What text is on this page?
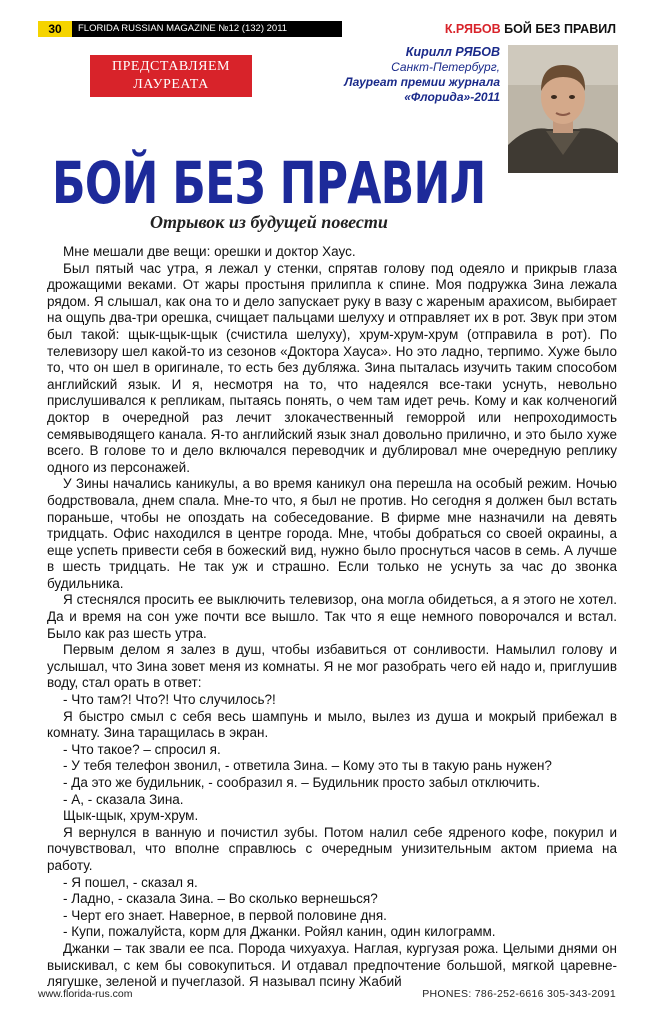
30	FLORIDA RUSSIAN MAGAZINE №12 (132) 2011	К.РЯБОВ БОЙ БЕЗ ПРАВИЛ
ПРЕДСТАВЛЯЕМ
ЛАУРЕАТА
Кирилл РЯБОВ
Санкт-Петербург,
Лауреат премии журнала
«Флорида»-2011
БОЙ БЕЗ ПРАВИЛ
Отрывок из будущей повести

Мне мешали две вещи: орешки и доктор Хаус.

Был пятый час утра, я лежал у стенки, спрятав голову под одеяло и прикрыв глаза дрожащими веками. От жары простыня прилипла к спине. Моя подружка Зина лежала рядом. Я слышал, как она то и дело запускает руку в вазу с жареным арахисом, выбирает на ощупь два-три орешка, счищает пальцами шелуху и отправляет их в рот. Звук при этом был такой: щык-щык-щык (счистила шелуху), хрум-хрум-хрум (отправила в рот). По телевизору шел какой-то из сезонов «Доктора Хауса». Но это ладно, терпимо. Хуже было то, что он шел в оригинале, то есть без дубляжа. Зина пыталась изучить таким способом английский язык. И я, несмотря на то, что надеялся все-таки уснуть, невольно прислушивался к репликам, пытаясь понять, о чем там идет речь. Кому и как колченогий доктор в очередной раз лечит злокачественный геморрой или непроходимость семявыводящего канала. Я-то английский язык знал довольно прилично, и это было хуже всего. В голове то и дело включался переводчик и дублировал мне очередную реплику одного из персонажей.

У Зины начались каникулы, а во время каникул она перешла на особый режим. Ночью бодрствовала, днем спала. Мне-то что, я был не против. Но сегодня я должен был встать пораньше, чтобы не опоздать на собеседование. В фирме мне назначили на девять тридцать. Офис находился в центре города. Мне, чтобы добраться со своей окраины, а еще успеть привести себя в божеский вид, нужно было проснуться часов в семь. А лучше в шесть тридцать. Не так уж и страшно. Если только не уснуть за час до звонка будильника.

Я стеснялся просить ее выключить телевизор, она могла обидеться, а я этого не хотел. Да и время на сон уже почти все вышло. Так что я еще немного поворочался и встал. Было как раз шесть утра.

Первым делом я залез в душ, чтобы избавиться от сонливости. Намылил голову и услышал, что Зина зовет меня из комнаты. Я не мог разобрать чего ей надо и, приглушив воду, стал орать в ответ:

- Что там?! Что?! Что случилось?!

Я быстро смыл с себя весь шампунь и мыло, вылез из душа и мокрый прибежал в комнату. Зина таращилась в экран.

- Что такое? – спросил я.

- У тебя телефон звонил, - ответила Зина. – Кому это ты в такую рань нужен?

- Да это же будильник, - сообразил я. – Будильник просто забыл отключить.

- А, - сказала Зина.

Щык-щык, хрум-хрум.

Я вернулся в ванную и почистил зубы. Потом налил себе ядреного кофе, покурил и почувствовал, что вполне справлюсь с очередным унизительным актом приема на работу.

- Я пошел, - сказал я.

- Ладно, - сказала Зина. – Во сколько вернешься?

- Черт его знает. Наверное, в первой половине дня.

- Купи, пожалуйста, корм для Джанки. Ройял канин, один килограмм.

Джанки – так звали ее пса. Порода чихуахуа. Наглая, кургузая рожа. Целыми днями он выискивал, с кем бы совокупиться. И отдавал предпочтение большой, мягкой царевне-лягушке, зеленой и пучеглазой. Я называл псину Жабий

www.florida-rus.com	PHONES: 786-252-6616 305-343-2091
